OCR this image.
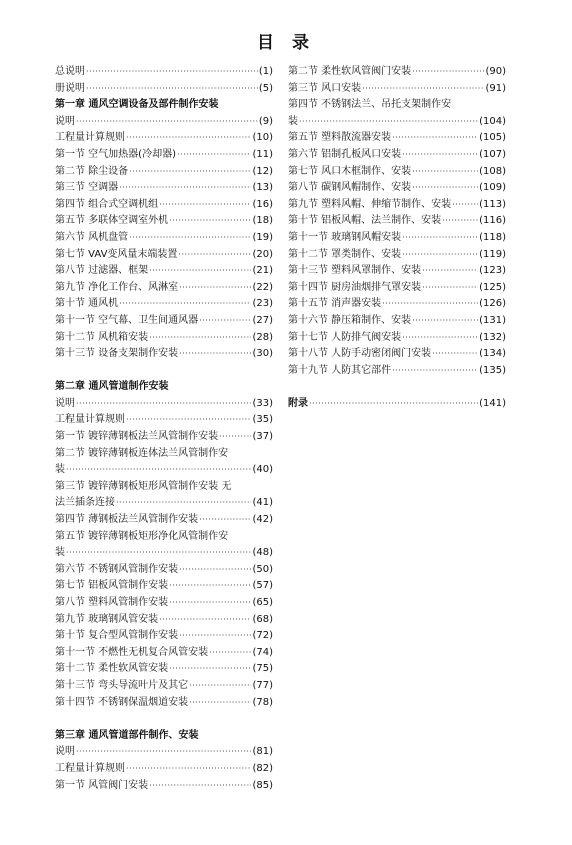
目 录
总说明 ·····	(1)
册说明 ·····	(5)
第一章 通风空调设备及部件制作安装
说明 ·····	(9)
工程量计算规则 ·····	(10)
第一节 空气加热器(冷却器) ·····	(11)
第二节 除尘设备 ·····	(12)
第三节 空调器 ·····	(13)
第四节 组合式空调机组 ·····	(16)
第五节 多联体空调室外机 ·····	(18)
第六节 风机盘管 ·····	(19)
第七节 VAV变风量末端装置 ·····	(20)
第八节 过滤器、框架 ·····	(21)
第九节 净化工作台、风淋室 ·····	(22)
第十节 通风机 ·····	(23)
第十一节 空气幕、卫生间通风器 ·····	(27)
第十二节 风机箱安装 ·····	(28)
第十三节 设备支架制作安装 ·····	(30)
第二章 通风管道制作安装
说明 ·····	(33)
工程量计算规则 ·····	(35)
第一节 镀锌薄钢板法兰风管制作安装 ·····	(37)
第二节 镀锌薄钢板连体法兰风管制作安
装 ·····	(40)
第三节 镀锌薄钢板矩形风管制作安装 无
法兰插条连接 ·····	(41)
第四节 薄钢板法兰风管制作安装 ·····	(42)
第五节 镀锌薄钢板矩形净化风管制作安
装 ·····	(48)
第六节 不锈钢风管制作安装 ·····	(50)
第七节 铝板风管制作安装 ·····	(57)
第八节 塑料风管制作安装 ·····	(65)
第九节 玻璃钢风管安装 ·····	(68)
第十节 复合型风管制作安装 ·····	(72)
第十一节 不燃性无机复合风管安装 ·····	(74)
第十二节 柔性软风管安装 ·····	(75)
第十三节 弯头导流叶片及其它 ·····	(77)
第十四节 不锈钢保温烟道安装 ·····	(78)
第三章 通风管道部件制作、安装
说明 ·····	(81)
工程量计算规则 ·····	(82)
第一节 风管阀门安装 ·····	(85)
第二节 柔性软风管阀门安装 ·····	(90)
第三节 风口安装 ·····	(91)
第四节 不锈钢法兰、吊托支架制作安
装 ·····	(104)
第五节 塑料散流器安装 ·····	(105)
第六节 铝制孔板风口安装 ·····	(107)
第七节 风口木框制作、安装 ·····	(108)
第八节 碳钢风帽制作、安装 ·····	(109)
第九节 塑料风帽、伸缩节制作、安装 ·····	(113)
第十节 铝板风帽、法兰制作、安装 ·····	(116)
第十一节 玻璃钢风帽安装 ·····	(118)
第十二节 罩类制作、安装 ·····	(119)
第十三节 塑料风罩制作、安装 ·····	(123)
第十四节 厨房油烟排气罩安装 ·····	(125)
第十五节 消声器安装 ·····	(126)
第十六节 静压箱制作、安装 ·····	(131)
第十七节 人防排气阀安装 ·····	(132)
第十八节 人防手动密闭阀门安装 ·····	(134)
第十九节 人防其它部件 ·····	(135)
附录 ·····	(141)
